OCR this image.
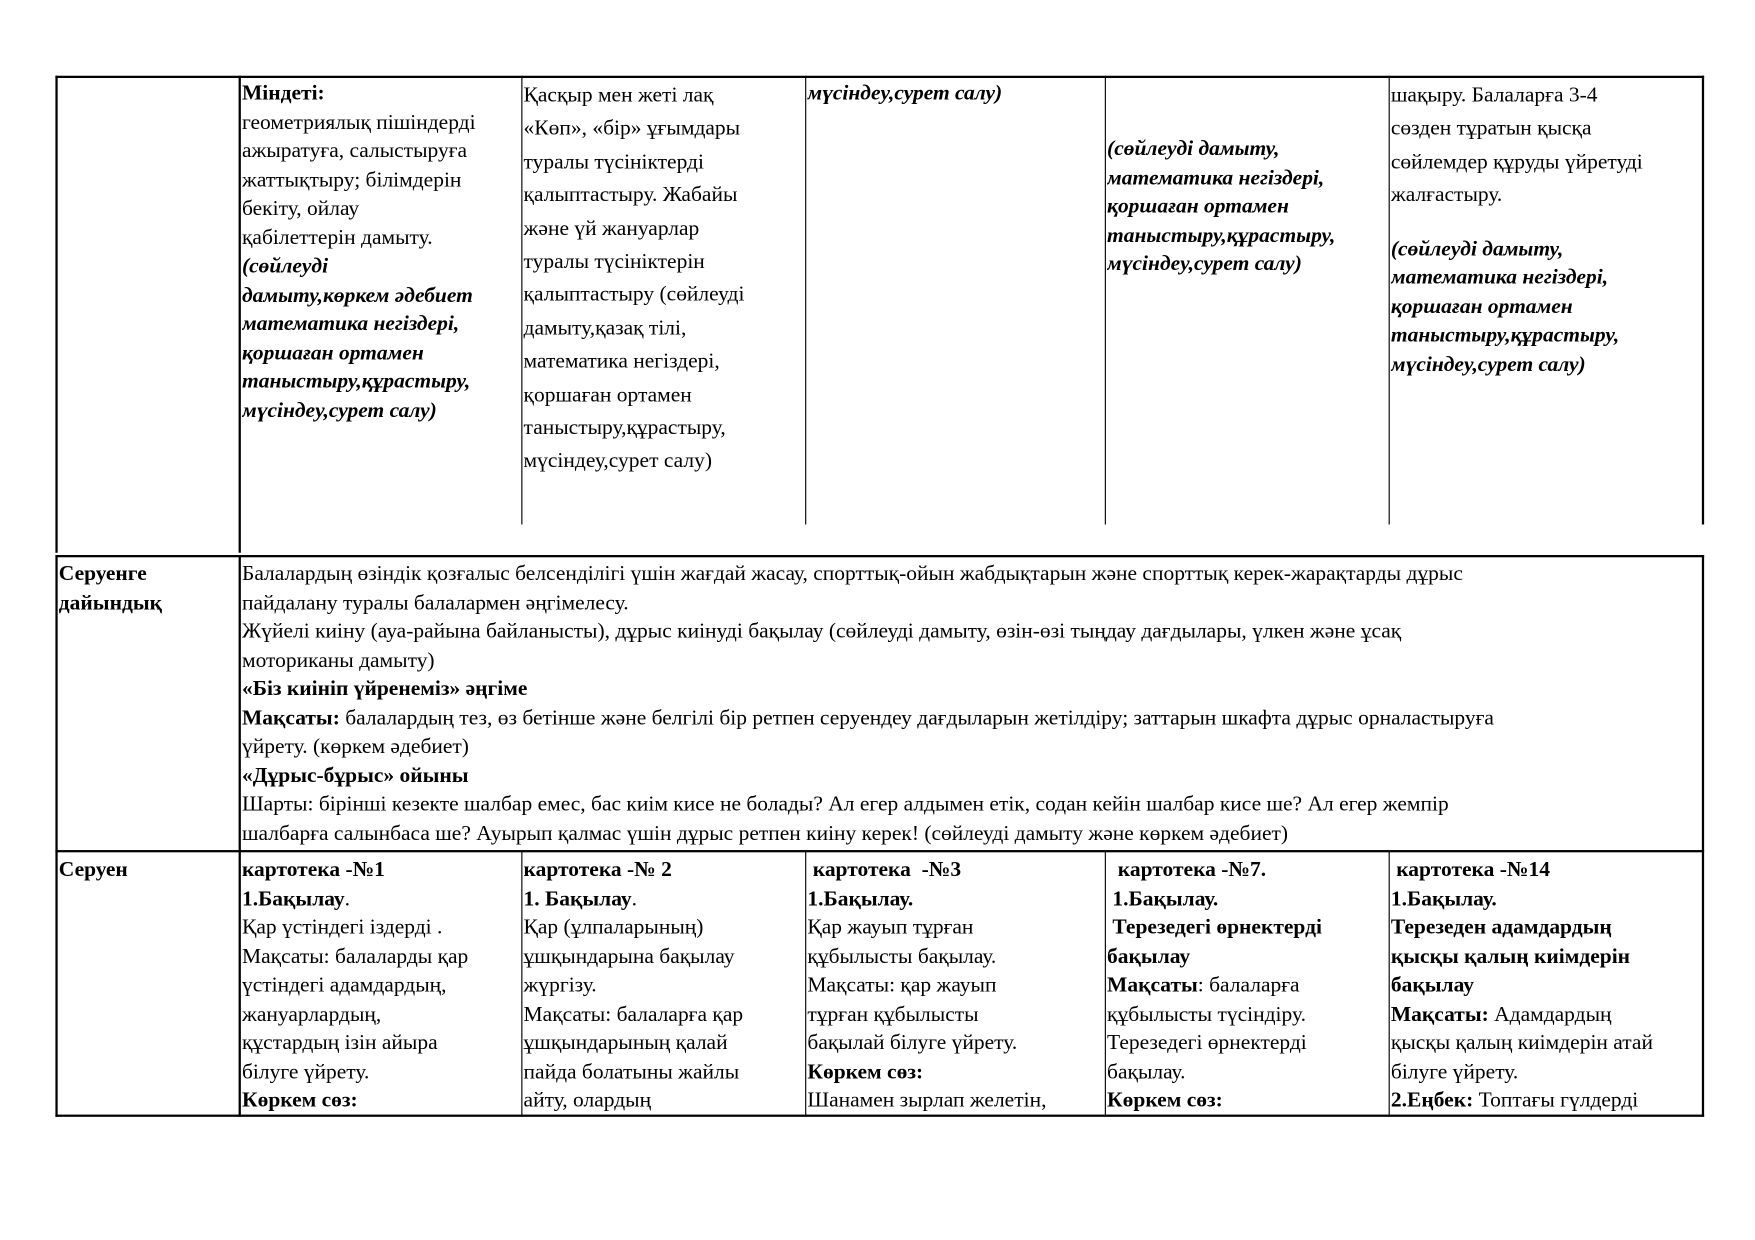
Міндеті:
геометриялық пішіндерді
ажыратуға, салыстыруға
жаттықтыру; білімдерін
бекіту, ойлау
қабілеттерін дамыту.
(сөйлеуді
дамыту,көркем әдебиет
математика негіздері,
қоршаған ортамен
таныстыру,құрастыру,
мүсіндеу,сурет салу)
Қасқыр мен жеті лақ
«Көп», «бір» ұғымдары
туралы түсініктерді
қалыптастыру. Жабайы
және үй жануарлар
туралы түсініктерін
қалыптастыру (сөйлеуді
дамыту,қазақ тілі,
математика негіздері,
қоршаған ортамен
таныстыру,құрастыру,
мүсіндеу,сурет салу)
мүсіндеу,сурет салу)
(сөйлеуді дамыту,
математика негіздері,
қоршаған ортамен
таныстыру,құрастыру,
мүсіндеу,сурет салу)
шақыру. Балаларға 3-4
сөзден тұратын қысқа
сөйлемдер құруды үйретуді
жалғастыру.
(сөйлеуді дамыту,
математика негіздері,
қоршаған ортамен
таныстыру,құрастыру,
мүсіндеу,сурет салу)
Серуенге
дайындық
Балалардың өзіндік қозғалыс белсенділігі үшін жағдай жасау, спорттық-ойын жабдықтарын және спорттық керек-жарақтарды дұрыс
пайдалану туралы балалармен әңгімелесу.
Жүйелі киіну (ауа-райына байланысты), дұрыс киінуді бақылау (сөйлеуді дамыту, өзін-өзі тыңдау дағдылары, үлкен және ұсақ
моториканы дамыту)
«Біз киініп үйренеміз» әңгіме
Мақсаты: балалардың тез, өз бетінше және белгілі бір ретпен серуендеу дағдыларын жетілдіру; заттарын шкафта дұрыс орналастыруға
үйрету. (көркем әдебиет)
«Дұрыс-бұрыс» ойыны
Шарты: бірінші кезекте шалбар емес, бас киім кисе не болады? Ал егер алдымен етік, содан кейін шалбар кисе ше? Ал егер жемпір
шалбарға салынбаса ше? Ауырып қалмас үшін дұрыс ретпен киіну керек! (сөйлеуді дамыту және көркем әдебиет)
Серуен	картотека -№1
1.Бақылау.
Қар үстіндегі іздерді .
Мақсаты: балаларды қар
үстіндегі адамдардың,
жануарлардың,
құстардың ізін айыра
білуге үйрету.
Көркем сөз:
картотека -№ 2
1. Бақылау.
Қар (ұлпаларының)
ұшқындарына бақылау
жүргізу.
Мақсаты: балаларға қар
ұшқындарының қалай
пайда болатыны жайлы
айту, олардың
картотека  -№3
1.Бақылау.
Қар жауып тұрған
құбылысты бақылау.
Мақсаты: қар жауып
тұрған құбылысты
бақылай білуге үйрету.
Көркем сөз:
Шанамен зырлап желетін,
картотека -№7.
1.Бақылау.
Терезедегі өрнектерді
бақылау
Мақсаты: балаларға
құбылысты түсіндіру.
Терезедегі өрнектерді
бақылау.
Көркем сөз:
картотека -№14
1.Бақылау.
Терезеден адамдардың
қысқы қалың киімдерін
бақылау
Мақсаты: Адамдардың
қысқы қалың киімдерін атай
білуге үйрету.
2.Еңбек: Топтағы гүлдерді
